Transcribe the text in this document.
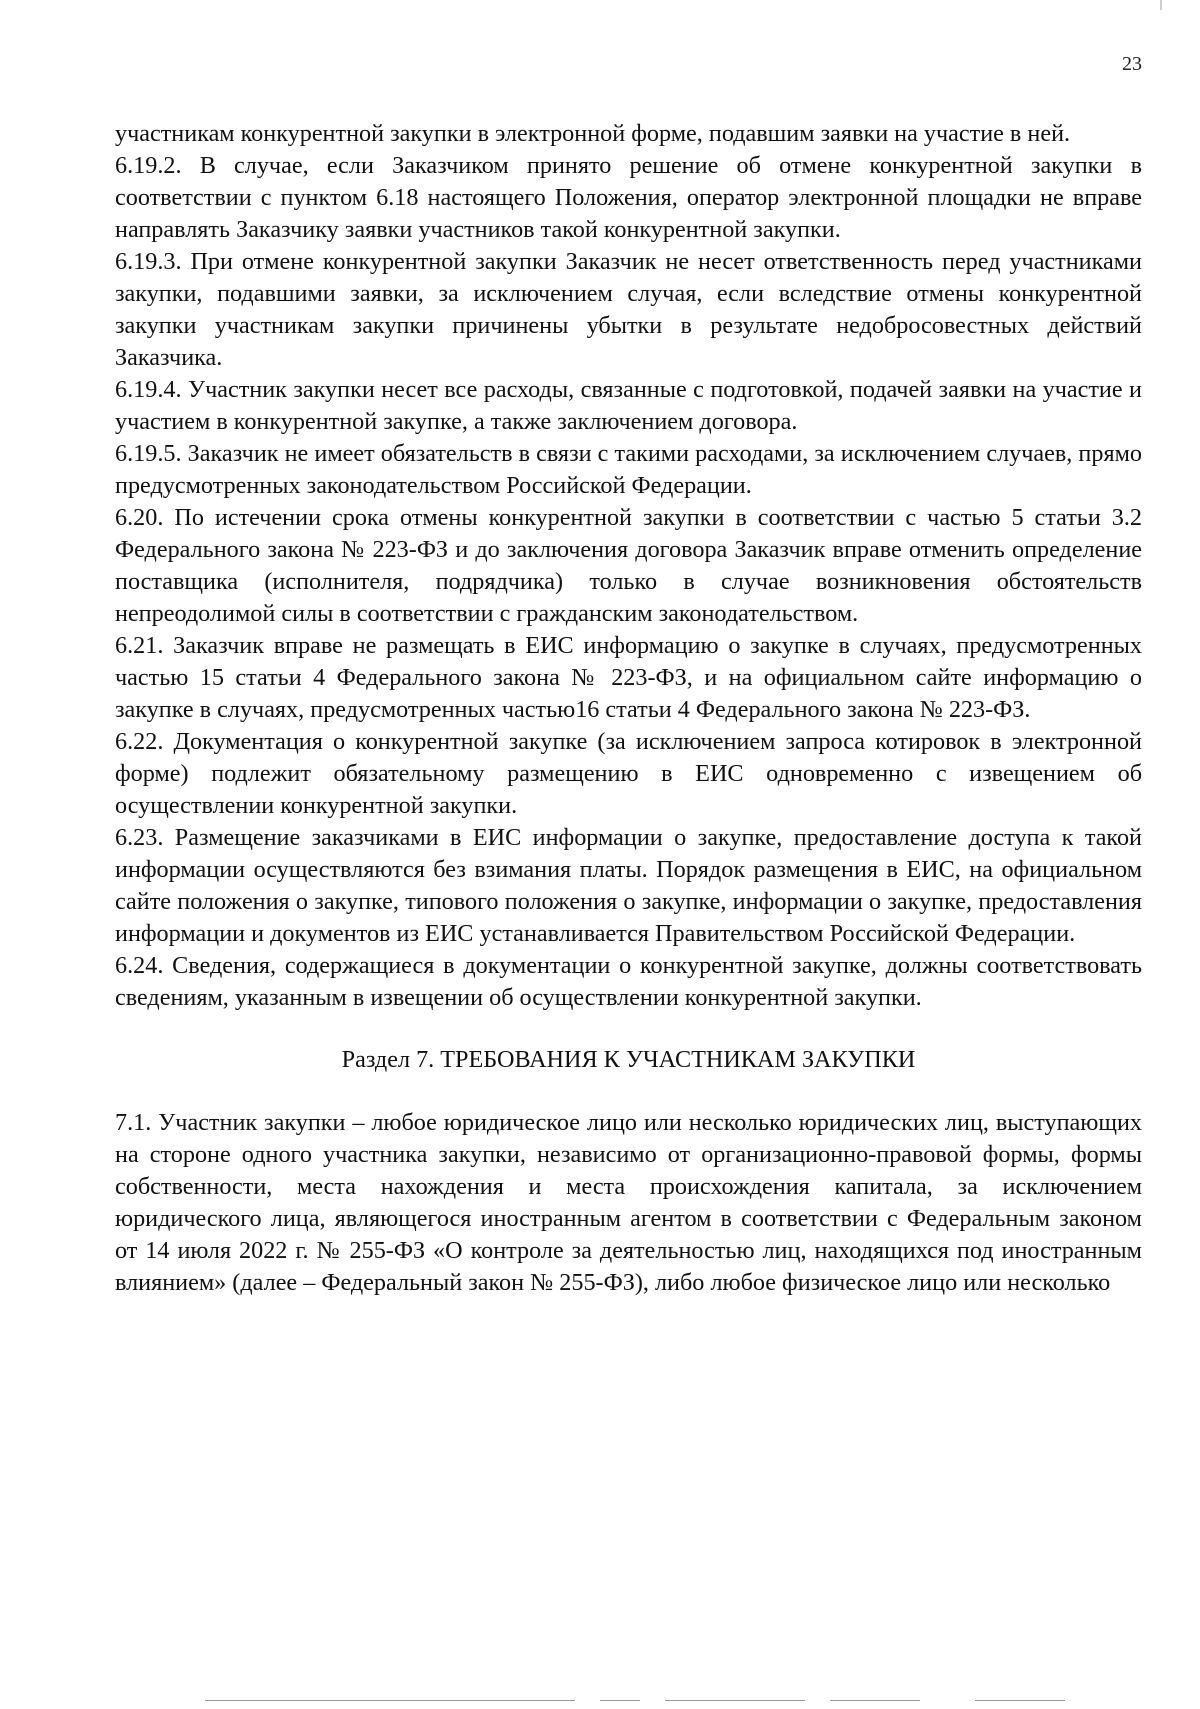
23

участникам конкурентной закупки в электронной форме, подавшим заявки на участие в ней.

6.19.2. В случае, если Заказчиком принято решение об отмене конкурентной закупки в соответствии с пунктом 6.18 настоящего Положения, оператор электронной площадки не вправе направлять Заказчику заявки участников такой конкурентной закупки.

6.19.3. При отмене конкурентной закупки Заказчик не несет ответственность перед участниками закупки, подавшими заявки, за исключением случая, если вследствие отмены конкурентной закупки участникам закупки причинены убытки в результате недобросовестных действий Заказчика.

6.19.4. Участник закупки несет все расходы, связанные с подготовкой, подачей заявки на участие и участием в конкурентной закупке, а также заключением договора.

6.19.5. Заказчик не имеет обязательств в связи с такими расходами, за исключением случаев, прямо предусмотренных законодательством Российской Федерации.

6.20. По истечении срока отмены конкурентной закупки в соответствии с частью 5 статьи 3.2 Федерального закона № 223-ФЗ и до заключения договора Заказчик вправе отменить определение поставщика (исполнителя, подрядчика) только в случае возникновения обстоятельств непреодолимой силы в соответствии с гражданским законодательством.

6.21. Заказчик вправе не размещать в ЕИС информацию о закупке в случаях, предусмотренных частью 15 статьи 4 Федерального закона № 223-ФЗ, и на официальном сайте информацию о закупке в случаях, предусмотренных частью16 статьи 4 Федерального закона № 223-ФЗ.

6.22. Документация о конкурентной закупке (за исключением запроса котировок в электронной форме) подлежит обязательному размещению в ЕИС одновременно с извещением об осуществлении конкурентной закупки.

6.23. Размещение заказчиками в ЕИС информации о закупке, предоставление доступа к такой информации осуществляются без взимания платы. Порядок размещения в ЕИС, на официальном сайте положения о закупке, типового положения о закупке, информации о закупке, предоставления информации и документов из ЕИС устанавливается Правительством Российской Федерации.

6.24. Сведения, содержащиеся в документации о конкурентной закупке, должны соответствовать сведениям, указанным в извещении об осуществлении конкурентной закупки.

Раздел 7. ТРЕБОВАНИЯ К УЧАСТНИКАМ ЗАКУПКИ

7.1. Участник закупки – любое юридическое лицо или несколько юридических лиц, выступающих на стороне одного участника закупки, независимо от организационно-правовой формы, формы собственности, места нахождения и места происхождения капитала, за исключением юридического лица, являющегося иностранным агентом в соответствии с Федеральным законом от 14 июля 2022 г. № 255-ФЗ «О контроле за деятельностью лиц, находящихся под иностранным влиянием» (далее – Федеральный закон № 255-ФЗ), либо любое физическое лицо или несколько
